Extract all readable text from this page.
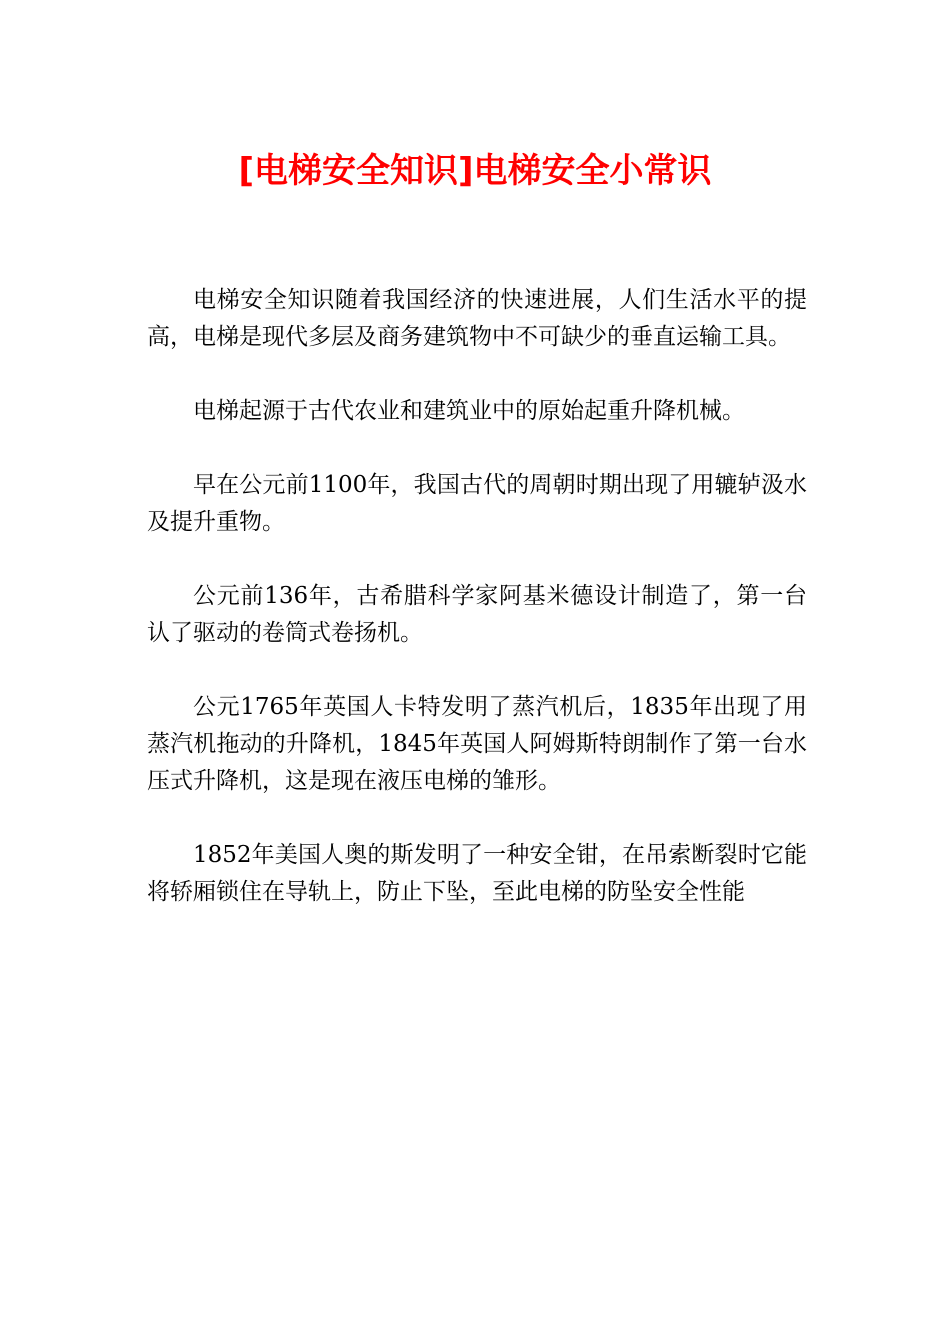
[电梯安全知识]电梯安全小常识

电梯安全知识随着我国经济的快速进展，人们生活水平的提高，电梯是现代多层及商务建筑物中不可缺少的垂直运输工具。

电梯起源于古代农业和建筑业中的原始起重升降机械。

早在公元前1100年，我国古代的周朝时期出现了用辘轳汲水及提升重物。

公元前136年，古希腊科学家阿基米德设计制造了，第一台认了驱动的卷筒式卷扬机。

公元1765年英国人卡特发明了蒸汽机后，1835年出现了用蒸汽机拖动的升降机，1845年英国人阿姆斯特朗制作了第一台水压式升降机，这是现在液压电梯的雏形。

1852年美国人奥的斯发明了一种安全钳，在吊索断裂时它能将轿厢锁住在导轨上，防止下坠，至此电梯的防坠安全性能
